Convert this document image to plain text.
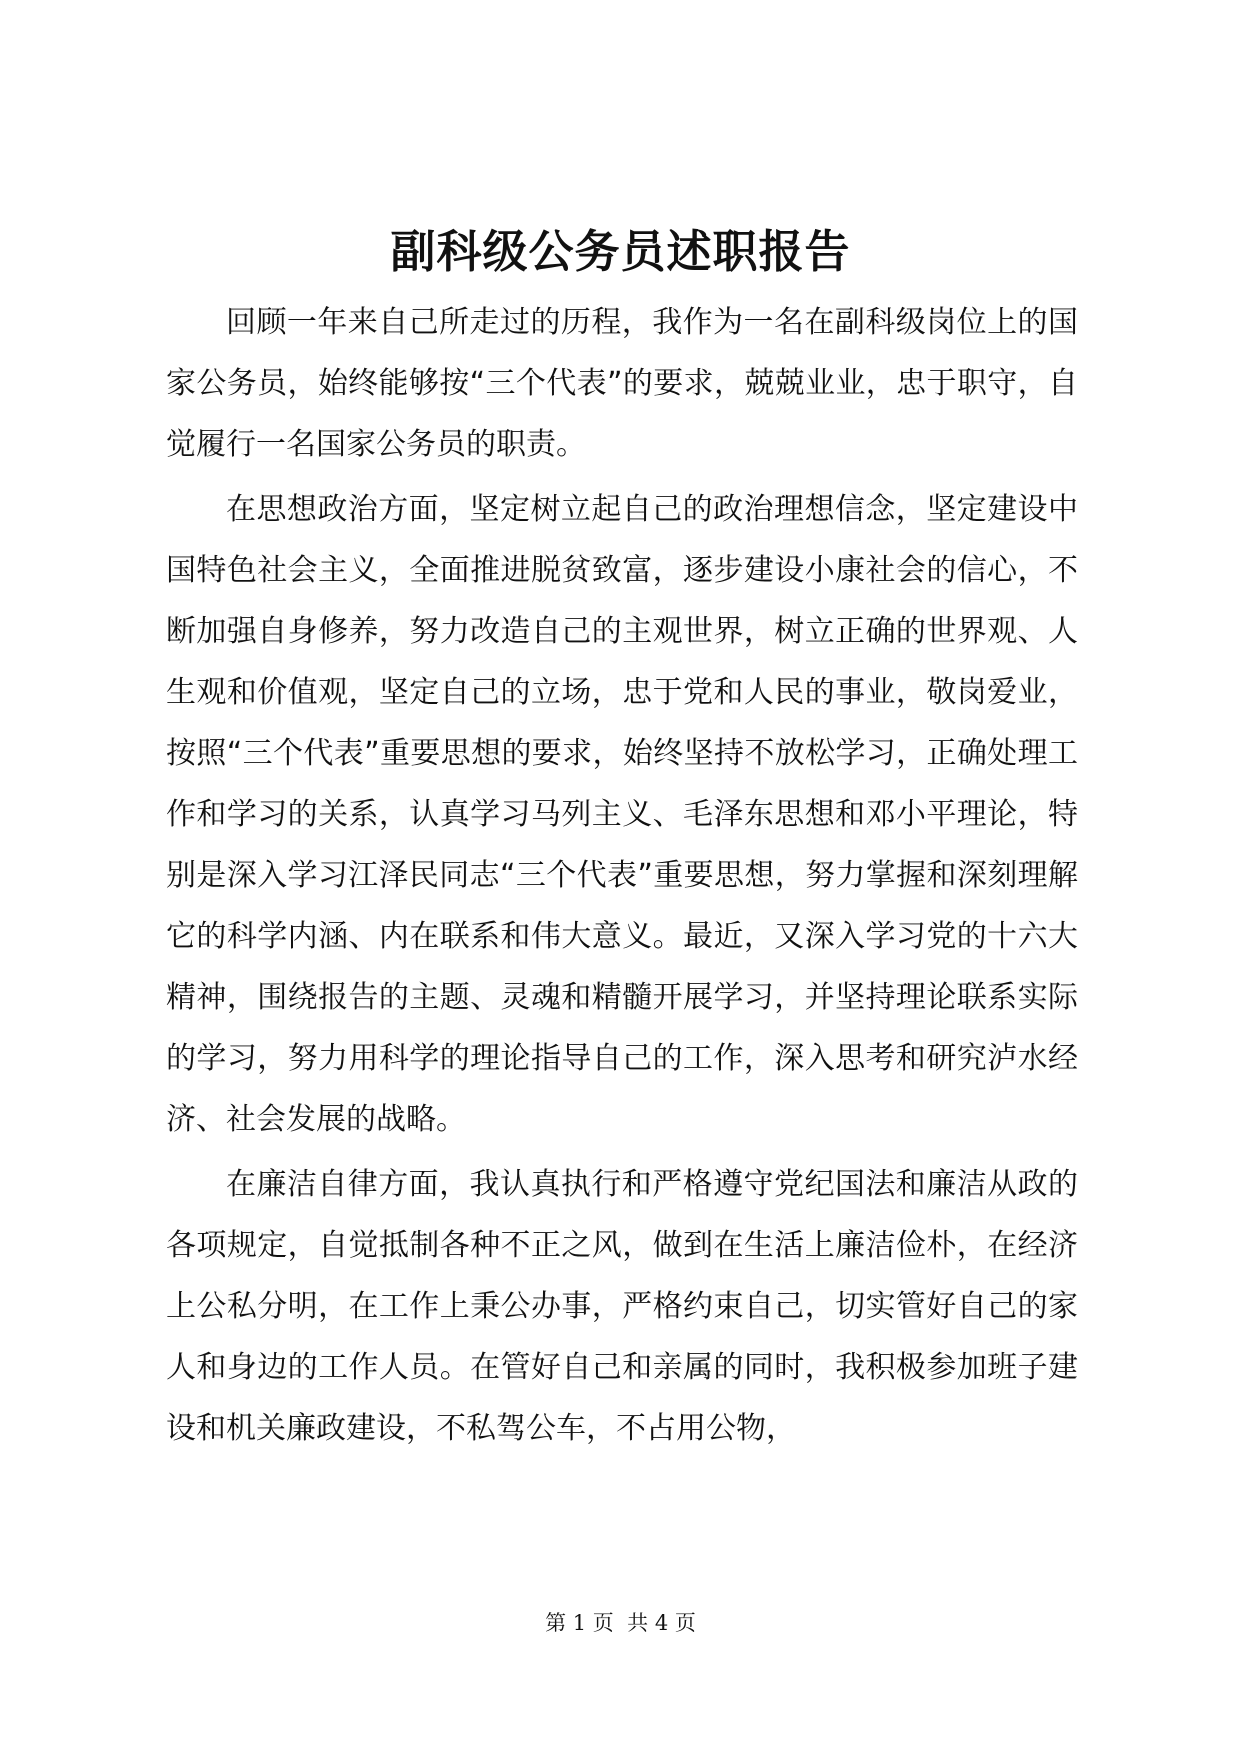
副科级公务员述职报告

回顾一年来自己所走过的历程，我作为一名在副科级岗位上的国家公务员，始终能够按“三个代表”的要求，兢兢业业，忠于职守，自觉履行一名国家公务员的职责。

在思想政治方面，坚定树立起自己的政治理想信念，坚定建设中国特色社会主义，全面推进脱贫致富，逐步建设小康社会的信心，不断加强自身修养，努力改造自己的主观世界，树立正确的世界观、人生观和价值观，坚定自己的立场，忠于党和人民的事业，敬岗爱业，按照“三个代表”重要思想的要求，始终坚持不放松学习，正确处理工作和学习的关系，认真学习马列主义、毛泽东思想和邓小平理论，特别是深入学习江泽民同志“三个代表”重要思想，努力掌握和深刻理解它的科学内涵、内在联系和伟大意义。最近，又深入学习党的十六大精神，围绕报告的主题、灵魂和精髓开展学习，并坚持理论联系实际的学习，努力用科学的理论指导自己的工作，深入思考和研究泸水经济、社会发展的战略。

在廉洁自律方面，我认真执行和严格遵守党纪国法和廉洁从政的各项规定，自觉抵制各种不正之风，做到在生活上廉洁俭朴，在经济上公私分明，在工作上秉公办事，严格约束自己，切实管好自己的家人和身边的工作人员。在管好自己和亲属的同时，我积极参加班子建设和机关廉政建设，不私驾公车，不占用公物，

第 1 页 共 4 页
